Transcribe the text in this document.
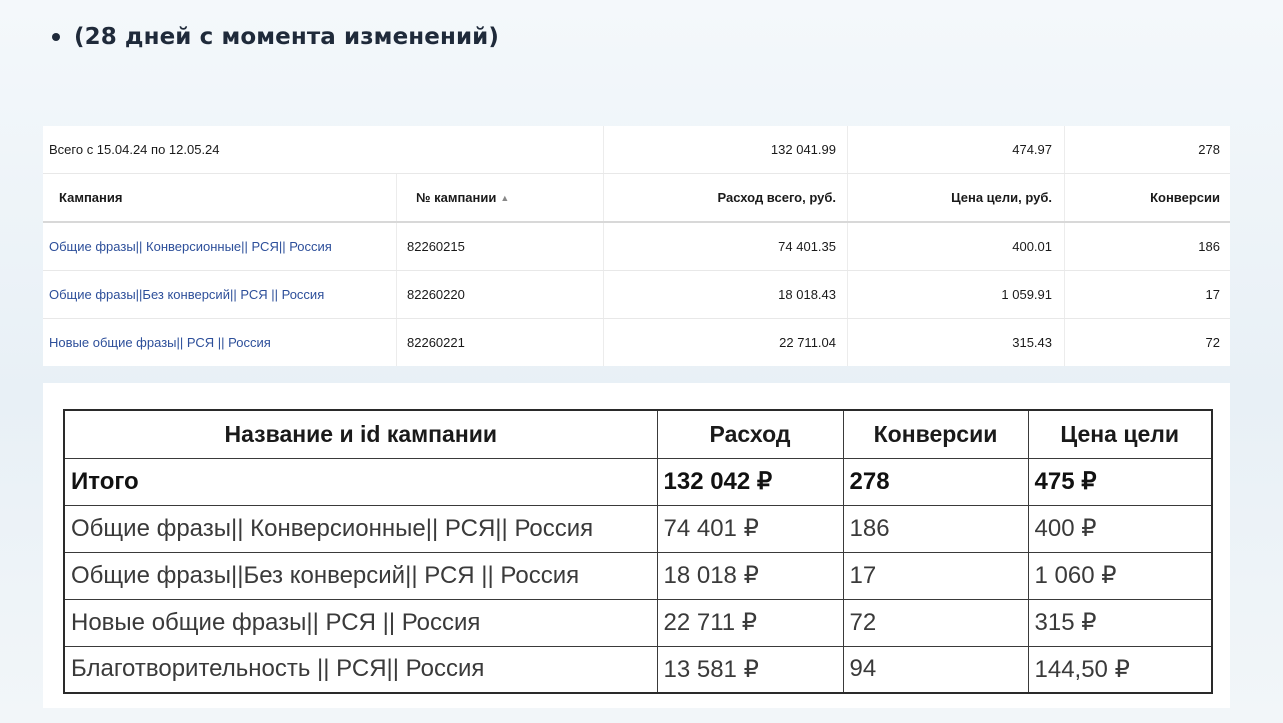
(28 дней с момента изменений)
Всего с 15.04.24 по 12.05.24	132 041.99	474.97	278
Кампания	№ кампании ▲	Расход всего, руб.	Цена цели, руб.	Конверсии
Общие фразы|| Конверсионные|| РСЯ|| Россия	82260215	74 401.35	400.01	186
Общие фразы||Без конверсий|| РСЯ || Россия	82260220	18 018.43	1 059.91	17
Новые общие фразы|| РСЯ || Россия	82260221	22 711.04	315.43	72
Название и id кампании	Расход	Конверсии	Цена цели
Итого	132 042 ₽	278	475 ₽
Общие фразы|| Конверсионные|| РСЯ|| Россия	74 401 ₽	186	400 ₽
Общие фразы||Без конверсий|| РСЯ || Россия	18 018 ₽	17	1 060 ₽
Новые общие фразы|| РСЯ || Россия	22 711 ₽	72	315 ₽
Благотворительность || РСЯ|| Россия	13 581 ₽	94	144,50 ₽
